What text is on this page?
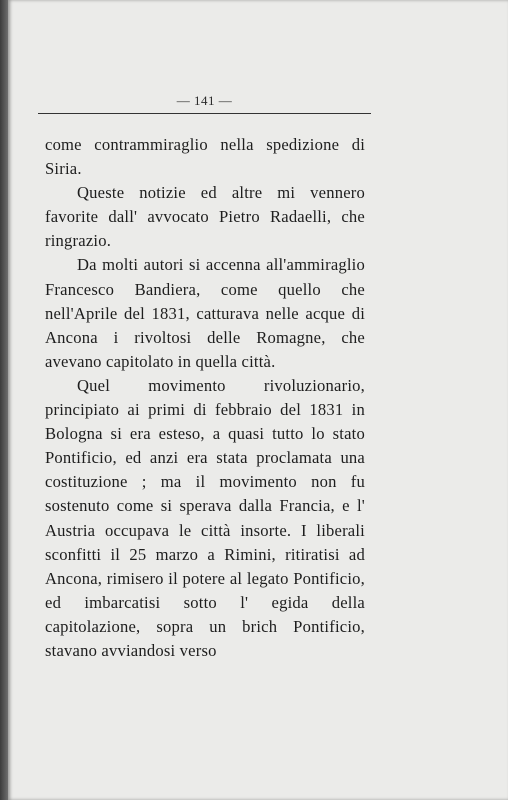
— 141 —

come contrammiraglio nella spedizione di Siria.

Queste notizie ed altre mi vennero favorite dall' avvocato Pietro Radaelli, che ringrazio.

Da molti autori si accenna all'ammiraglio Francesco Bandiera, come quello che nell'Aprile del 1831, catturava nelle acque di Ancona i rivoltosi delle Romagne, che avevano capitolato in quella città.

Quel movimento rivoluzionario, principiato ai primi di febbraio del 1831 in Bologna si era esteso, a quasi tutto lo stato Pontificio, ed anzi era stata proclamata una costituzione ; ma il movimento non fu sostenuto come si sperava dalla Francia, e l' Austria occupava le città insorte. I liberali sconfitti il 25 marzo a Rimini, ritiratisi ad Ancona, rimisero il potere al legato Pontificio, ed imbarcatisi sotto l' egida della capitolazione, sopra un brich Pontificio, stavano avviandosi verso
